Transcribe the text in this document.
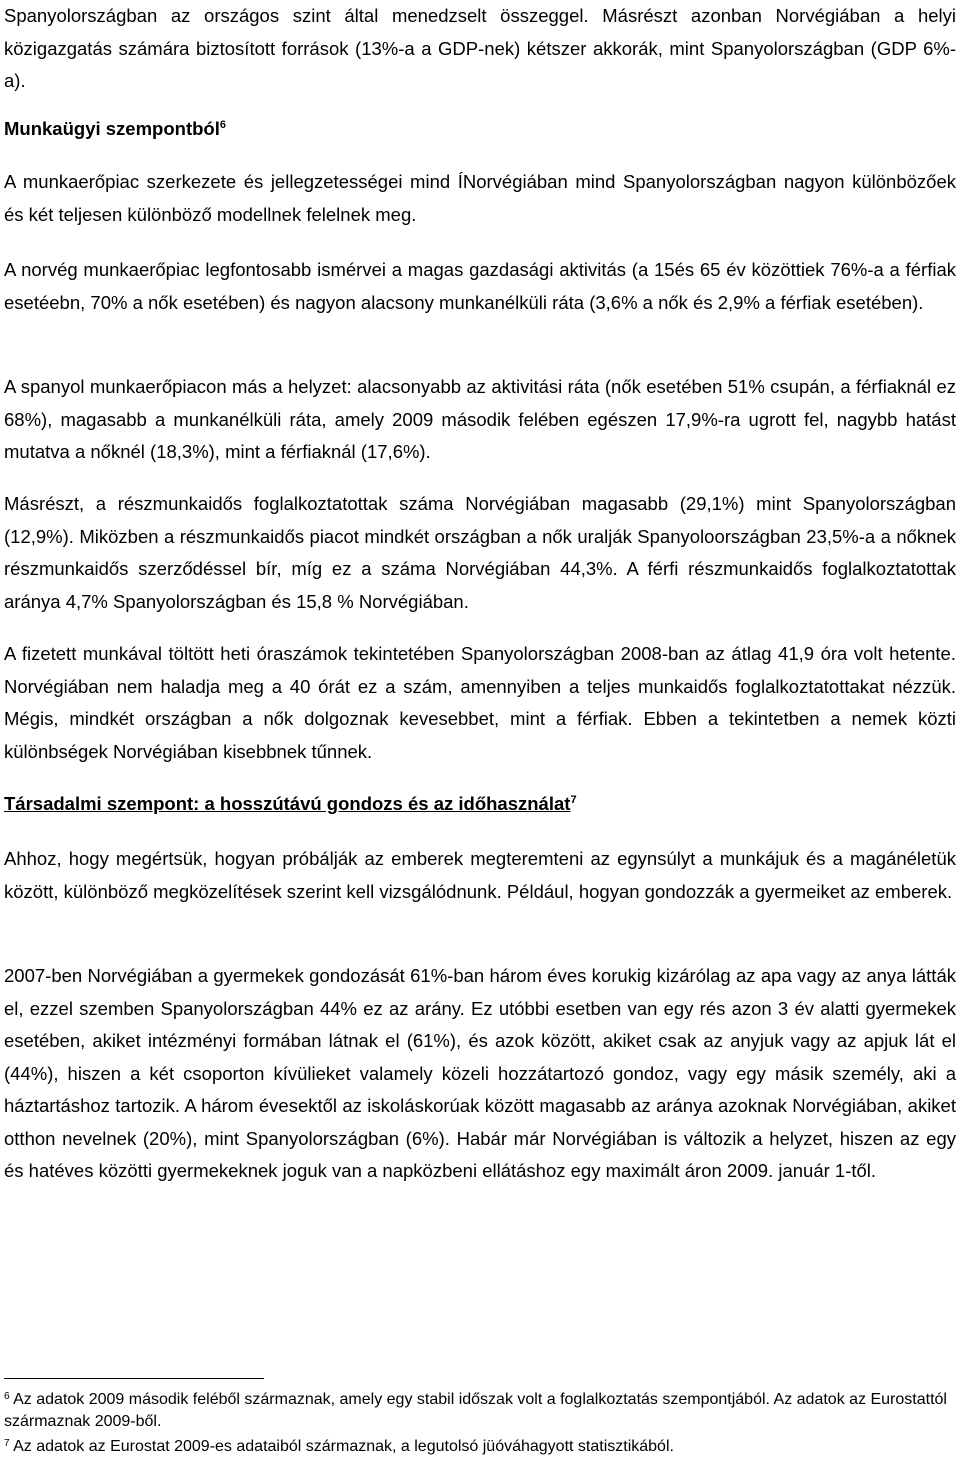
Spanyolországban az országos szint által menedzselt összeggel. Másrészt azonban Norvégiában a helyi közigazgatás számára biztosított források (13%-a a GDP-nek) kétszer akkorák, mint Spanyolországban (GDP 6%-a).

Munkaügyi szempontból$^6$

A munkaerőpiac szerkezete és jellegzetességei mind ÍNorvégiában mind Spanyolországban nagyon különbözőek és két teljesen különböző modellnek felelnek meg.

A norvég munkaerőpiac legfontosabb ismérvei a magas gazdasági aktivitás (a 15és 65 év közöttiek 76%-a a férfiak esetéebn, 70% a nők esetében) és nagyon alacsony munkanélküli ráta (3,6% a nők és 2,9% a férfiak esetében).

A spanyol munkaerőpiacon más a helyzet: alacsonyabb az aktivitási ráta (nők esetében 51% csupán, a férfiaknál ez 68%), magasabb a munkanélküli ráta, amely 2009 második felében egészen 17,9%-ra ugrott fel, nagybb hatást mutatva a nőknél (18,3%), mint a férfiaknál (17,6%).

Másrészt, a részmunkaidős foglalkoztatottak száma Norvégiában magasabb (29,1%) mint Spanyolországban (12,9%). Miközben a részmunkaidős piacot mindkét országban a nők uralják Spanyoloországban 23,5%-a a nőknek részmunkaidős szerződéssel bír, míg ez a száma Norvégiában 44,3%. A férfi részmunkaidős foglalkoztatottak aránya 4,7% Spanyolországban és 15,8 % Norvégiában.

A fizetett munkával töltött heti óraszámok tekintetében Spanyolországban 2008-ban az átlag 41,9 óra volt hetente. Norvégiában nem haladja meg a 40 órát ez a szám, amennyiben a teljes munkaidős foglalkoztatottakat nézzük. Mégis, mindkét országban a nők dolgoznak kevesebbet, mint a férfiak. Ebben a tekintetben a nemek közti különbségek Norvégiában kisebbnek tűnnek.

Társadalmi szempont: a hosszútávú gondozs és az időhasználat$^7$

Ahhoz, hogy megértsük, hogyan próbálják az emberek megteremteni az egynsúlyt a munkájuk és a magánéletük között, különböző megközelítések szerint kell vizsgálódnunk. Például, hogyan gondozzák a gyermeiket az emberek.

2007-ben Norvégiában a gyermekek gondozását 61%-ban három éves korukig kizárólag az apa vagy az anya látták el, ezzel szemben Spanyolországban 44% ez az arány. Ez utóbbi esetben van egy rés azon 3 év alatti gyermekek esetében, akiket intézményi formában látnak el (61%), és azok között, akiket csak az anyjuk vagy az apjuk lát el (44%), hiszen a két csoporton kívülieket valamely közeli hozzátartozó gondoz, vagy egy másik személy, aki a háztartáshoz tartozik. A három évesektől az iskoláskorúak között magasabb az aránya azoknak Norvégiában, akiket otthon nevelnek (20%), mint Spanyolországban (6%). Habár már Norvégiában is változik a helyzet, hiszen az egy és hatéves közötti gyermekeknek joguk van a napközbeni ellátáshoz egy maximált áron 2009. január 1-től.

$^6$ Az adatok 2009 második feléből származnak, amely egy stabil időszak volt a foglalkoztatás szempontjából. Az adatok az Eurostattól származnak 2009-ből.

$^7$ Az adatok az Eurostat 2009-es adataiból származnak, a legutolsó jüóváhagyott statisztikából.
